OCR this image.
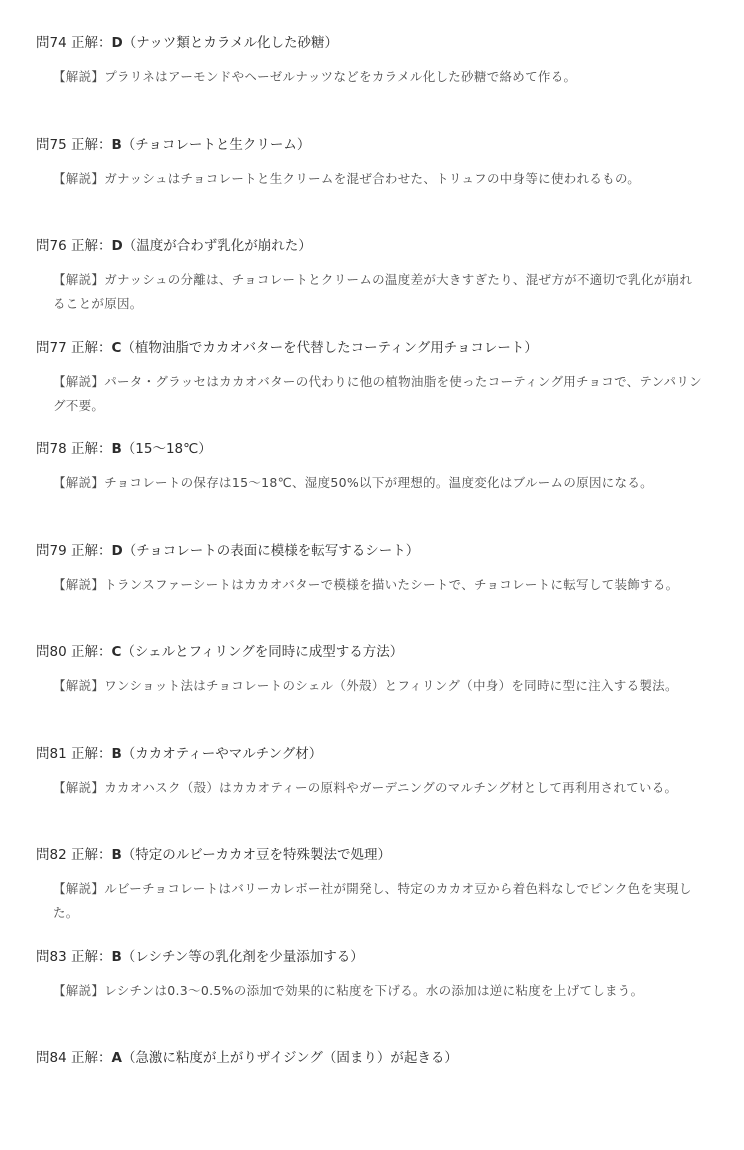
問74 正解：D（ナッツ類とカラメル化した砂糖）
【解説】プラリネはアーモンドやヘーゼルナッツなどをカラメル化した砂糖で絡めて作る。
問75 正解：B（チョコレートと生クリーム）
【解説】ガナッシュはチョコレートと生クリームを混ぜ合わせた、トリュフの中身等に使われるもの。
問76 正解：D（温度が合わず乳化が崩れた）
【解説】ガナッシュの分離は、チョコレートとクリームの温度差が大きすぎたり、混ぜ方が不適切で乳化が崩れることが原因。
問77 正解：C（植物油脂でカカオバターを代替したコーティング用チョコレート）
【解説】パータ・グラッセはカカオバターの代わりに他の植物油脂を使ったコーティング用チョコで、テンパリング不要。
問78 正解：B（15〜18℃）
【解説】チョコレートの保存は15〜18℃、湿度50%以下が理想的。温度変化はブルームの原因になる。
問79 正解：D（チョコレートの表面に模様を転写するシート）
【解説】トランスファーシートはカカオバターで模様を描いたシートで、チョコレートに転写して装飾する。
問80 正解：C（シェルとフィリングを同時に成型する方法）
【解説】ワンショット法はチョコレートのシェル（外殻）とフィリング（中身）を同時に型に注入する製法。
問81 正解：B（カカオティーやマルチング材）
【解説】カカオハスク（殻）はカカオティーの原料やガーデニングのマルチング材として再利用されている。
問82 正解：B（特定のルビーカカオ豆を特殊製法で処理）
【解説】ルビーチョコレートはバリーカレボー社が開発し、特定のカカオ豆から着色料なしでピンク色を実現した。
問83 正解：B（レシチン等の乳化剤を少量添加する）
【解説】レシチンは0.3〜0.5%の添加で効果的に粘度を下げる。水の添加は逆に粘度を上げてしまう。
問84 正解：A（急激に粘度が上がりザイジング（固まり）が起きる）
